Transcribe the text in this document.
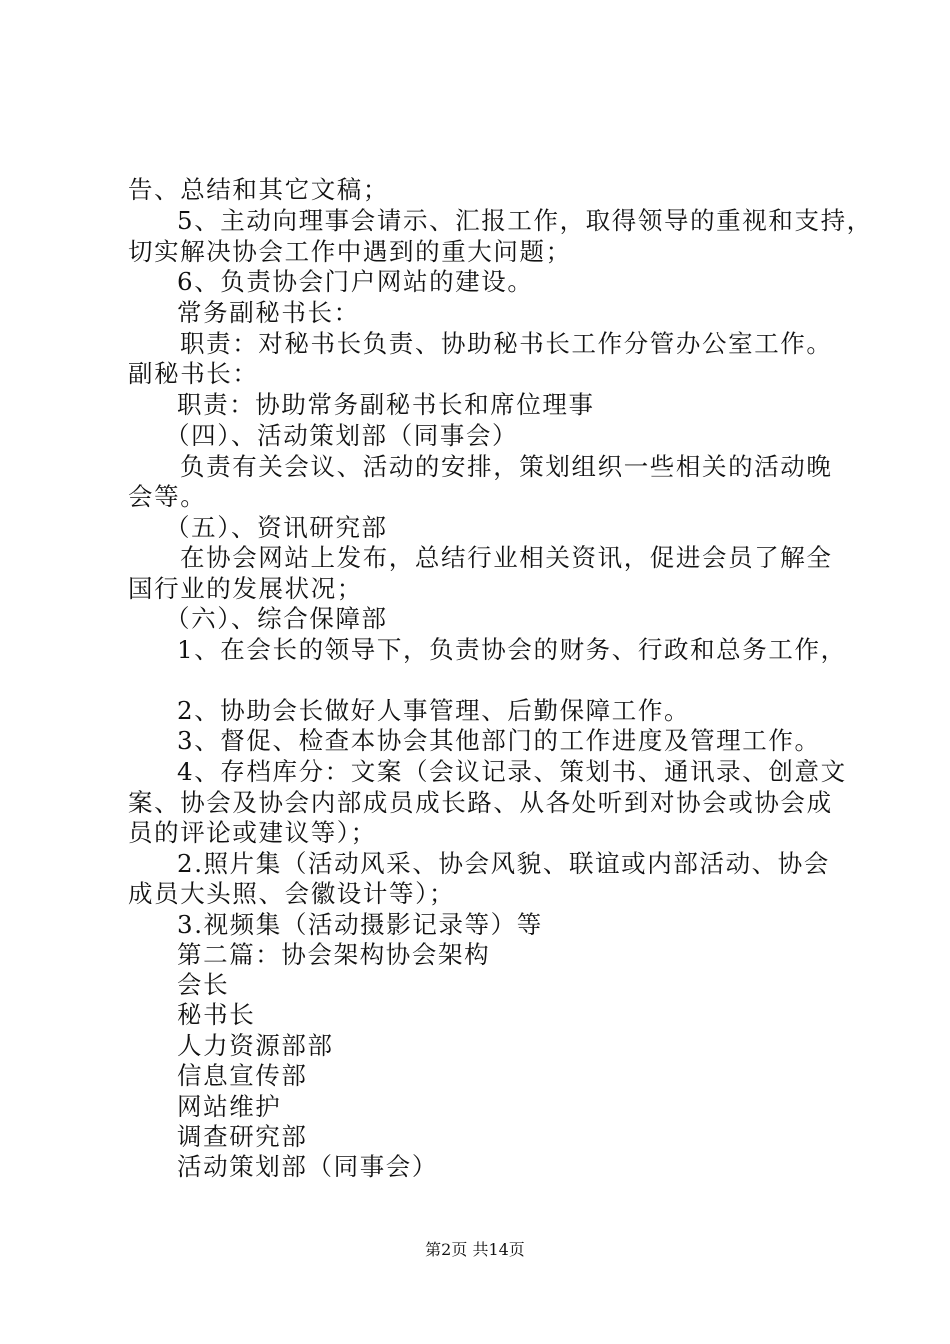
告、总结和其它文稿；
5、主动向理事会请示、汇报工作，取得领导的重视和支持，
切实解决协会工作中遇到的重大问题；
6、负责协会门户网站的建设。
常务副秘书长：
职责：对秘书长负责、协助秘书长工作分管办公室工作。
副秘书长：
职责：协助常务副秘书长和席位理事
（四）、活动策划部（同事会）
负责有关会议、活动的安排，策划组织一些相关的活动晚
会等。
（五）、资讯研究部
在协会网站上发布，总结行业相关资讯，促进会员了解全
国行业的发展状况；
（六）、综合保障部
1、在会长的领导下，负责协会的财务、行政和总务工作，
2、协助会长做好人事管理、后勤保障工作。
3、督促、检查本协会其他部门的工作进度及管理工作。
4、存档库分：文案（会议记录、策划书、通讯录、创意文
案、协会及协会内部成员成长路、从各处听到对协会或协会成
员的评论或建议等）；
2.照片集（活动风采、协会风貌、联谊或内部活动、协会
成员大头照、会徽设计等）；
3.视频集（活动摄影记录等）等
第二篇：协会架构协会架构
会长
秘书长
人力资源部部
信息宣传部
网站维护
调查研究部
活动策划部（同事会）
第2页 共14页
